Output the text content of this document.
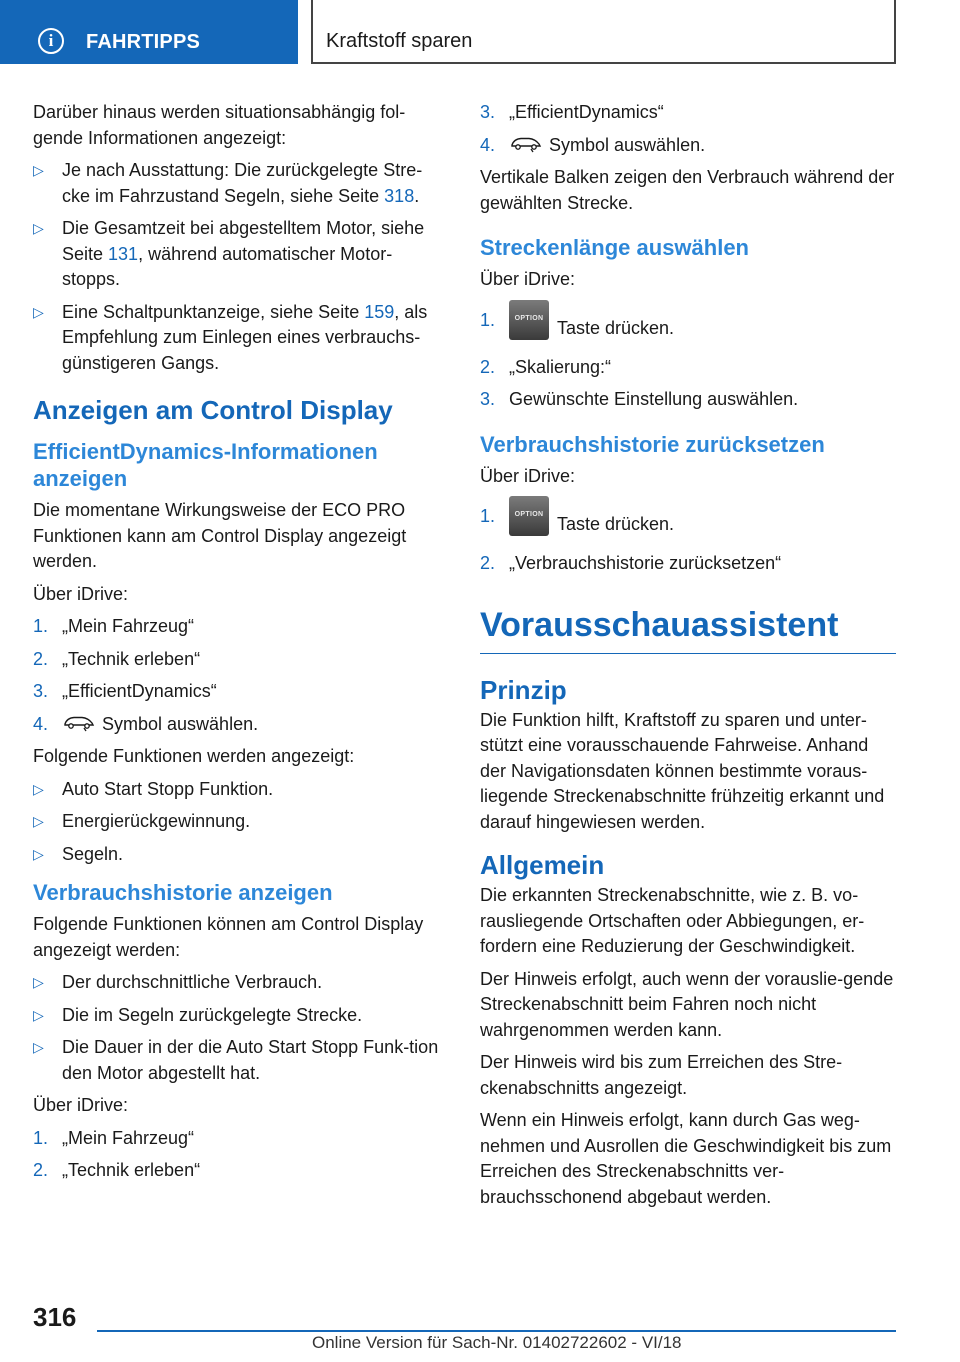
i	FAHRTIPPS	Kraftstoff sparen

Darüber hinaus werden situationsabhängig fol-gende Informationen angezeigt:

▷ Je nach Ausstattung: Die zurückgelegte Stre-cke im Fahrzustand Segeln, siehe Seite 318.
▷ Die Gesamtzeit bei abgestelltem Motor, siehe Seite 131, während automatischer Motor-stopps.
▷ Eine Schaltpunktanzeige, siehe Seite 159, als Empfehlung zum Einlegen eines verbrauchs-günstigeren Gangs.
Anzeigen am Control Display
EfficientDynamics-Informationen anzeigen

Die momentane Wirkungsweise der ECO PRO Funktionen kann am Control Display angezeigt werden.

Über iDrive:

1. „Mein Fahrzeug“
2. „Technik erleben“
3. „EfficientDynamics“
4.	Symbol auswählen.

Folgende Funktionen werden angezeigt:

▷ Auto Start Stopp Funktion.
▷ Energierückgewinnung.
▷ Segeln.
Verbrauchshistorie anzeigen

Folgende Funktionen können am Control Display angezeigt werden:

▷ Der durchschnittliche Verbrauch.
▷ Die im Segeln zurückgelegte Strecke.
▷ Die Dauer in der die Auto Start Stopp Funk-tion den Motor abgestellt hat.

Über iDrive:

1. „Mein Fahrzeug“
2. „Technik erleben“
3. „EfficientDynamics“
4.	Symbol auswählen.

Vertikale Balken zeigen den Verbrauch während der gewählten Strecke.

Streckenlänge auswählen

Über iDrive:

1.	OPTION Taste drücken.
2. „Skalierung:“
3. Gewünschte Einstellung auswählen.
Verbrauchshistorie zurücksetzen

Über iDrive:

1.	OPTION Taste drücken.
2. „Verbrauchshistorie zurücksetzen“
Vorausschauassistent
Prinzip

Die Funktion hilft, Kraftstoff zu sparen und unter-stützt eine vorausschauende Fahrweise. Anhand der Navigationsdaten können bestimmte voraus-liegende Streckenabschnitte frühzeitig erkannt und darauf hingewiesen werden.

Allgemein

Die erkannten Streckenabschnitte, wie z. B. vo-rausliegende Ortschaften oder Abbiegungen, er-fordern eine Reduzierung der Geschwindigkeit.

Der Hinweis erfolgt, auch wenn der vorauslie-gende Streckenabschnitt beim Fahren noch nicht wahrgenommen werden kann.

Der Hinweis wird bis zum Erreichen des Stre-ckenabschnitts angezeigt.

Wenn ein Hinweis erfolgt, kann durch Gas weg-nehmen und Ausrollen die Geschwindigkeit bis zum Erreichen des Streckenabschnitts ver-brauchsschonend abgebaut werden.

316
Online Version für Sach-Nr. 01402722602 - VI/18
